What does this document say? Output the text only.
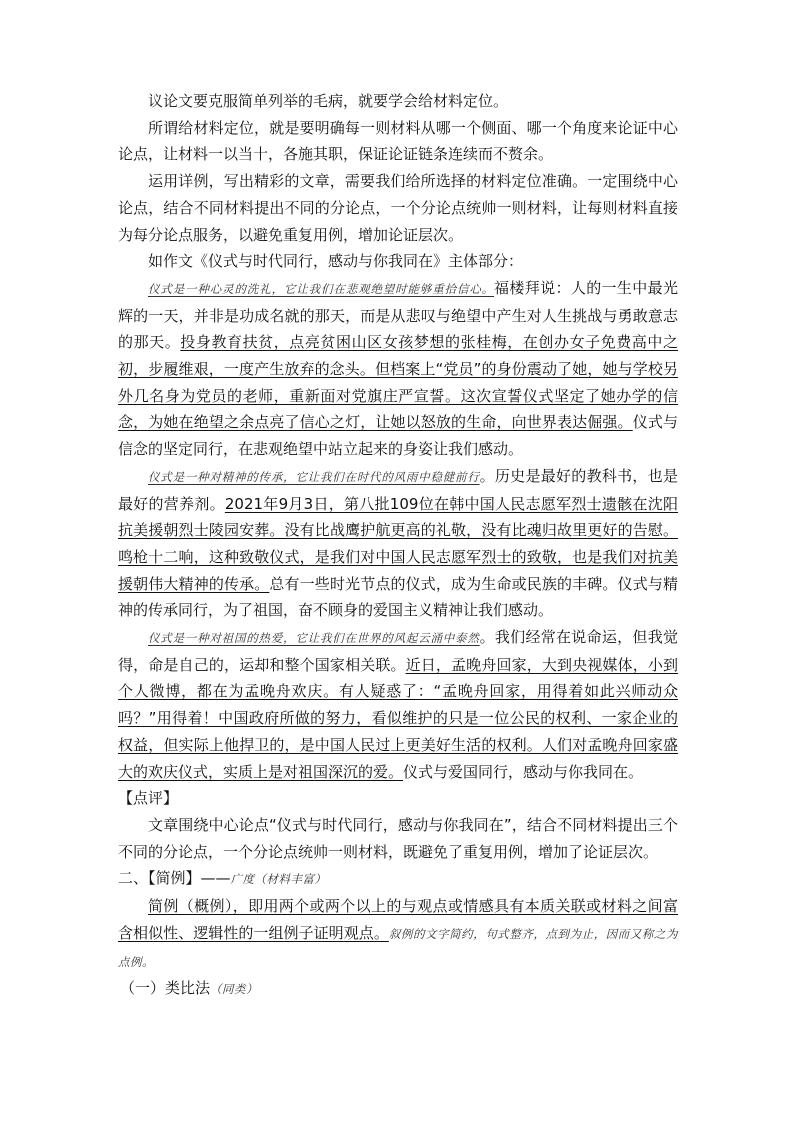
议论文要克服简单列举的毛病，就要学会给材料定位。

所谓给材料定位，就是要明确每一则材料从哪一个侧面、哪一个角度来论证中心论点，让材料一以当十，各施其职，保证论证链条连续而不赘余。

运用详例，写出精彩的文章，需要我们给所选择的材料定位准确。一定围绕中心论点，结合不同材料提出不同的分论点，一个分论点统帅一则材料，让每则材料直接为每分论点服务，以避免重复用例，增加论证层次。

如作文《仪式与时代同行，感动与你我同在》主体部分：

仪式是一种心灵的洗礼，它让我们在悲观绝望时能够重拾信心。福楼拜说：人的一生中最光辉的一天，并非是功成名就的那天，而是从悲叹与绝望中产生对人生挑战与勇敢意志的那天。投身教育扶贫，点亮贫困山区女孩梦想的张桂梅，在创办女子免费高中之初，步履维艰，一度产生放弃的念头。但档案上“党员”的身份震动了她，她与学校另外几名身为党员的老师，重新面对党旗庄严宣誓。这次宣誓仪式坚定了她办学的信念，为她在绝望之余点亮了信心之灯，让她以怒放的生命，向世界表达倔强。仪式与信念的坚定同行，在悲观绝望中站立起来的身姿让我们感动。

仪式是一种对精神的传承，它让我们在时代的风雨中稳健前行。历史是最好的教科书，也是最好的营养剂。2021年9月3日，第八批109位在韩中国人民志愿军烈士遗骸在沈阳抗美援朝烈士陵园安葬。没有比战鹰护航更高的礼敬，没有比魂归故里更好的告慰。鸣枪十二响，这种致敬仪式，是我们对中国人民志愿军烈士的致敬，也是我们对抗美援朝伟大精神的传承。总有一些时光节点的仪式，成为生命或民族的丰碑。仪式与精神的传承同行，为了祖国，奋不顾身的爱国主义精神让我们感动。

仪式是一种对祖国的热爱，它让我们在世界的风起云涌中泰然。我们经常在说命运，但我觉得，命是自己的，运却和整个国家相关联。近日，孟晚舟回家，大到央视媒体，小到个人微博，都在为孟晚舟欢庆。有人疑惑了：“孟晚舟回家，用得着如此兴师动众吗？”用得着！中国政府所做的努力，看似维护的只是一位公民的权利、一家企业的权益，但实际上他捍卫的，是中国人民过上更美好生活的权利。人们对孟晚舟回家盛大的欢庆仪式，实质上是对祖国深沉的爱。仪式与爱国同行，感动与你我同在。

【点评】

文章围绕中心论点“仪式与时代同行，感动与你我同在”，结合不同材料提出三个不同的分论点，一个分论点统帅一则材料，既避免了重复用例，增加了论证层次。

二、【简例】——广度（材料丰富）

简例（概例），即用两个或两个以上的与观点或情感具有本质关联或材料之间富含相似性、逻辑性的一组例子证明观点。叙例的文字简约，句式整齐，点到为止，因而又称之为点例。

（一）类比法（同类）
